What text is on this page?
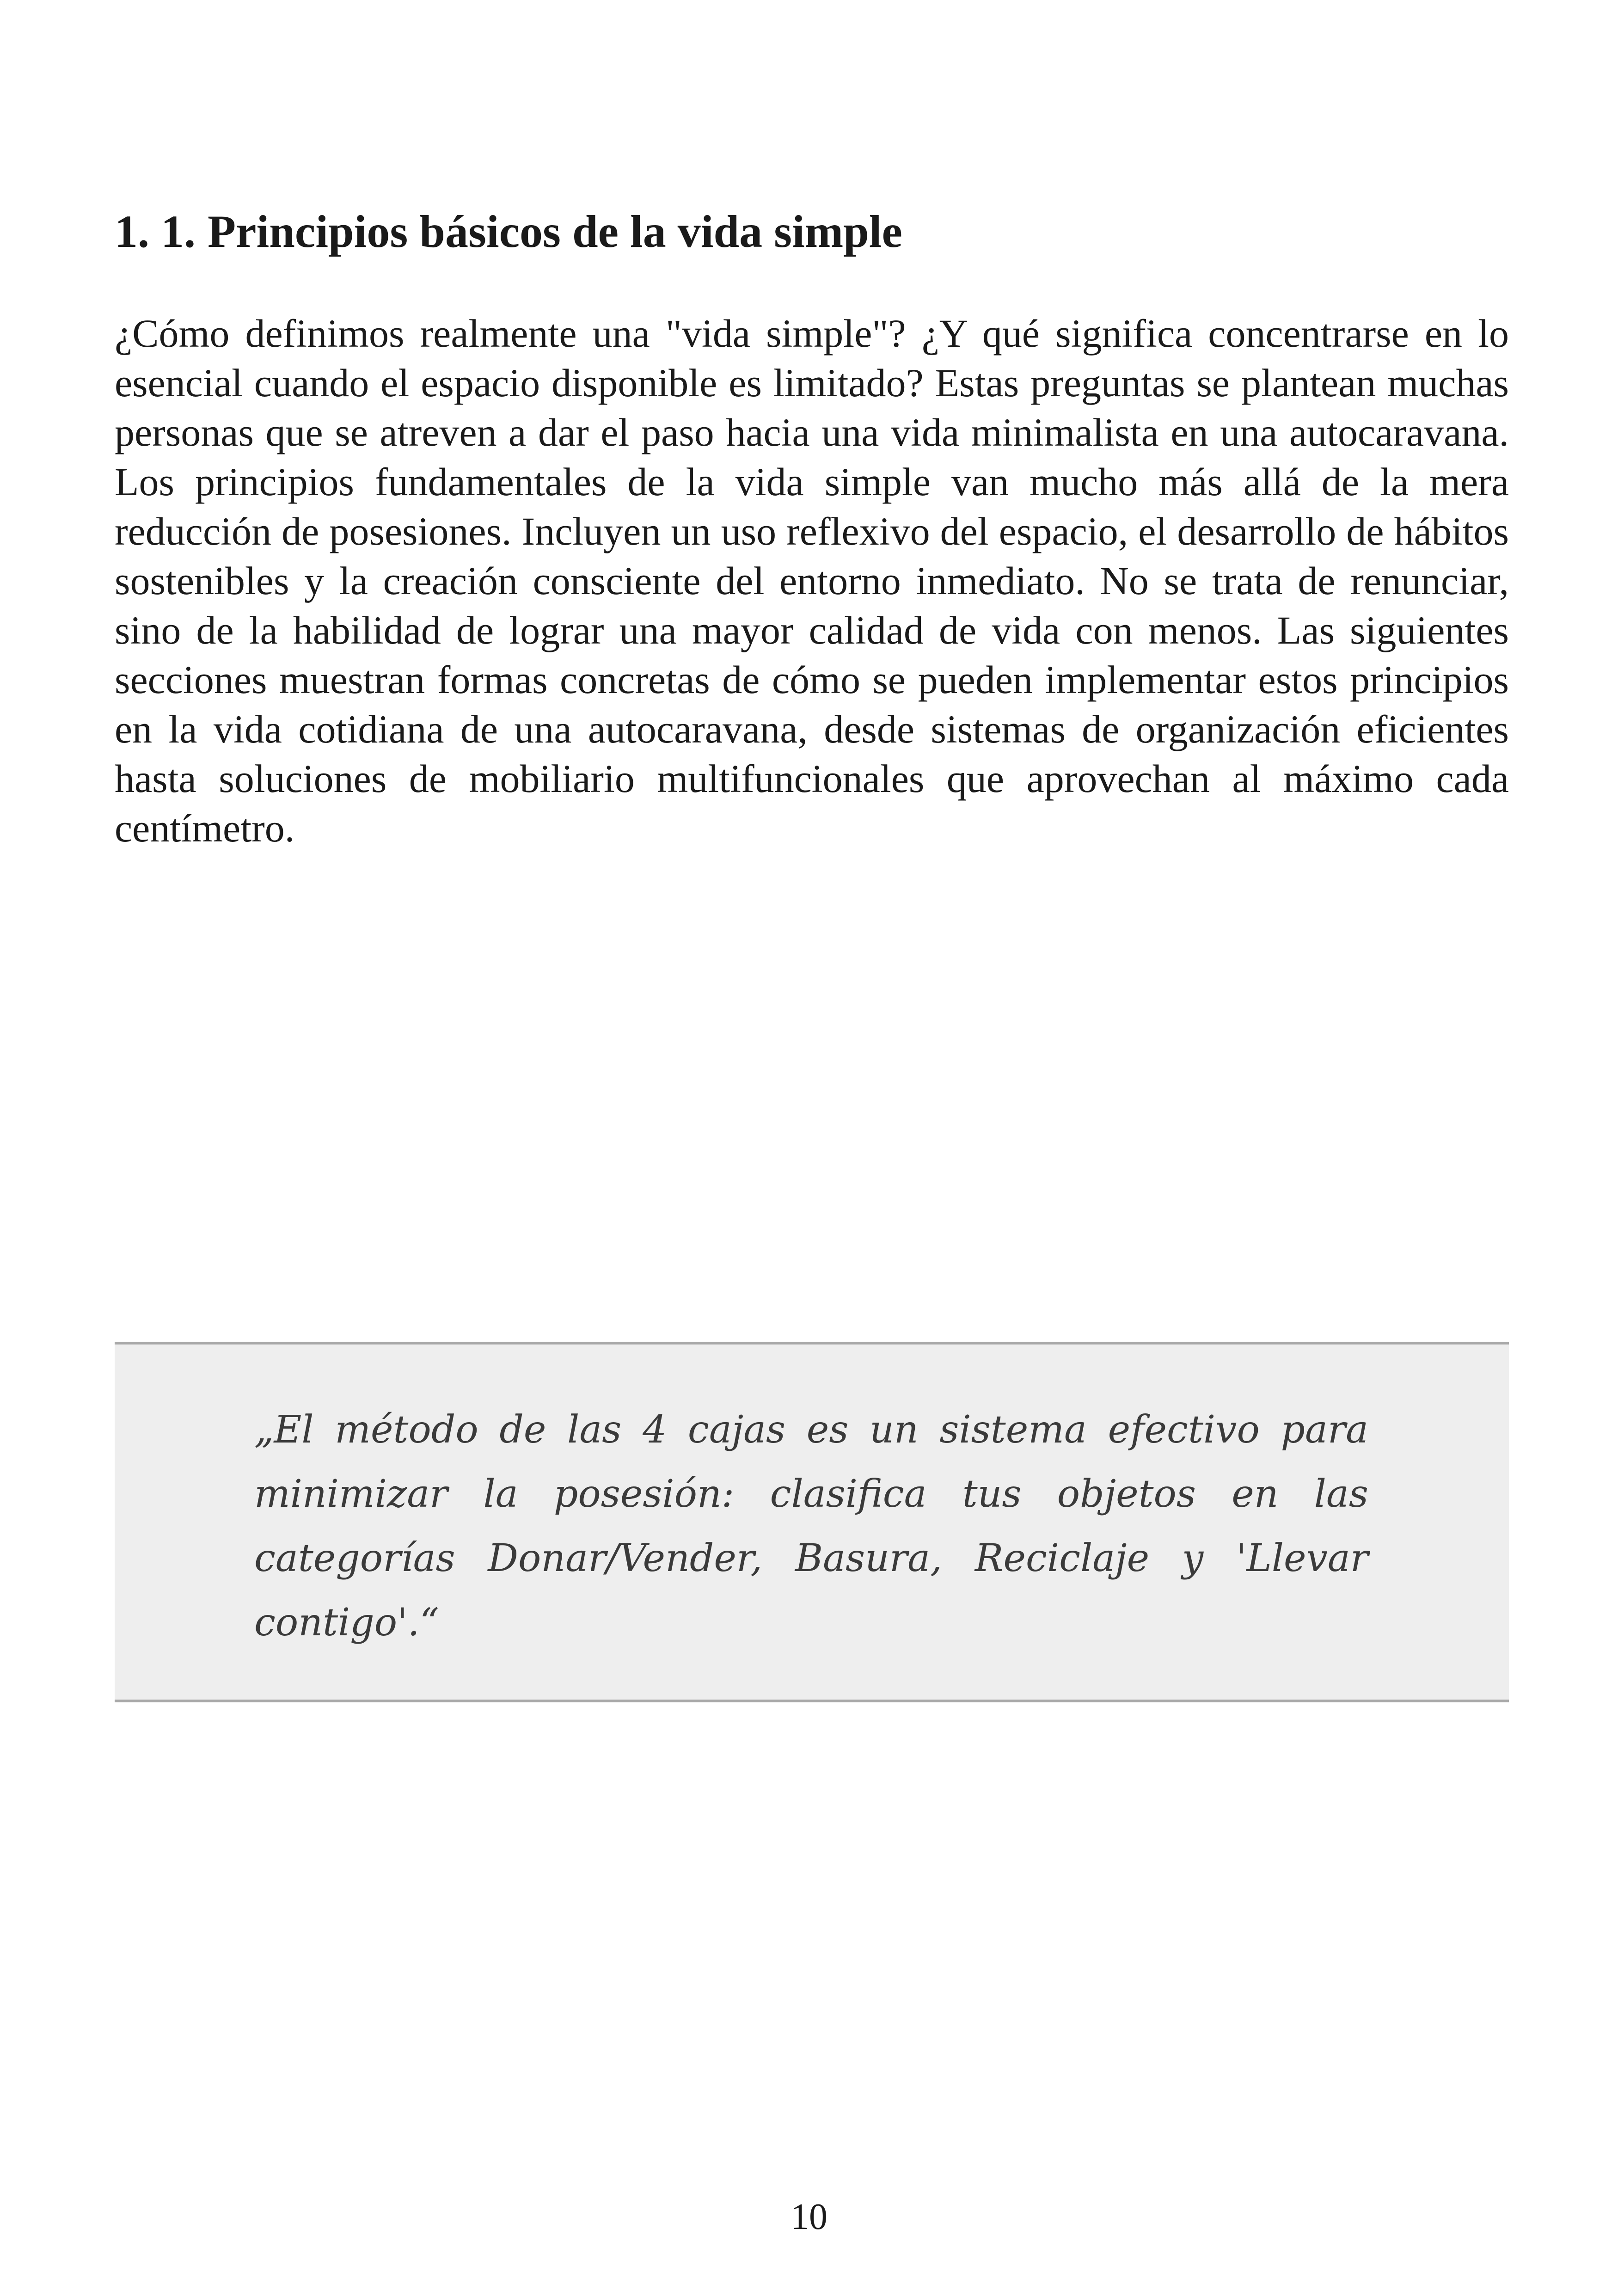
1. 1. Principios básicos de la vida simple

¿Cómo definimos realmente una "vida simple"? ¿Y qué significa concentrarse en lo esencial cuando el espacio disponible es limitado? Estas preguntas se plantean muchas personas que se atreven a dar el paso hacia una vida minimalista en una autocaravana. Los principios fundamentales de la vida simple van mucho más allá de la mera reducción de posesiones. Incluyen un uso reflexivo del espacio, el desarrollo de hábitos sostenibles y la creación consciente del entorno inmediato. No se trata de renunciar, sino de la habilidad de lograr una mayor calidad de vida con menos. Las siguientes secciones muestran formas concretas de cómo se pueden implementar estos principios en la vida cotidiana de una autocaravana, desde sistemas de organización eficientes hasta soluciones de mobiliario multifuncionales que aprovechan al máximo cada centímetro.

„El método de las 4 cajas es un sistema efectivo para minimizar la posesión: clasifica tus objetos en las categorías Donar/Vender, Basura, Reciclaje y 'Llevar contigo'.“

10
